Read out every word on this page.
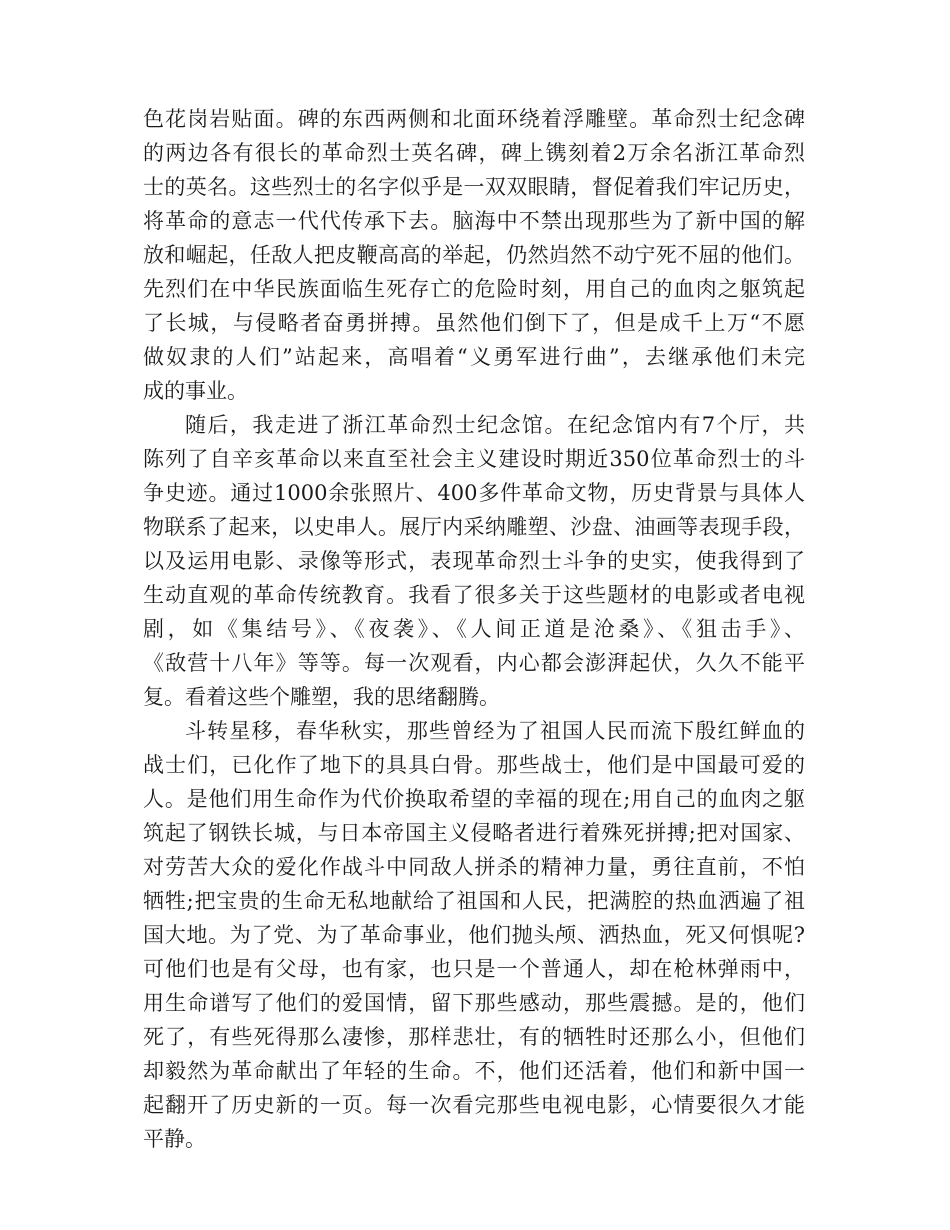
色花岗岩贴面。碑的东西两侧和北面环绕着浮雕壁。革命烈士纪念碑
的两边各有很长的革命烈士英名碑，碑上镌刻着2万余名浙江革命烈
士的英名。这些烈士的名字似乎是一双双眼睛，督促着我们牢记历史，
将革命的意志一代代传承下去。脑海中不禁出现那些为了新中国的解
放和崛起，任敌人把皮鞭高高的举起，仍然岿然不动宁死不屈的他们。
先烈们在中华民族面临生死存亡的危险时刻，用自己的血肉之躯筑起
了长城，与侵略者奋勇拼搏。虽然他们倒下了，但是成千上万“不愿
做奴隶的人们”站起来，高唱着“义勇军进行曲”，去继承他们未完
成的事业。
随后，我走进了浙江革命烈士纪念馆。在纪念馆内有7个厅，共
陈列了自辛亥革命以来直至社会主义建设时期近350位革命烈士的斗
争史迹。通过1000余张照片、400多件革命文物，历史背景与具体人
物联系了起来，以史串人。展厅内采纳雕塑、沙盘、油画等表现手段，
以及运用电影、录像等形式，表现革命烈士斗争的史实，使我得到了
生动直观的革命传统教育。我看了很多关于这些题材的电影或者电视
剧，如《集结号》、《夜袭》、《人间正道是沧桑》、《狙击手》、
《敌营十八年》等等。每一次观看，内心都会澎湃起伏，久久不能平
复。看着这些个雕塑，我的思绪翻腾。
斗转星移，春华秋实，那些曾经为了祖国人民而流下殷红鲜血的
战士们，已化作了地下的具具白骨。那些战士，他们是中国最可爱的
人。是他们用生命作为代价换取希望的幸福的现在;用自己的血肉之躯
筑起了钢铁长城，与日本帝国主义侵略者进行着殊死拼搏;把对国家、
对劳苦大众的爱化作战斗中同敌人拼杀的精神力量，勇往直前，不怕
牺牲;把宝贵的生命无私地献给了祖国和人民，把满腔的热血洒遍了祖
国大地。为了党、为了革命事业，他们抛头颅、洒热血，死又何惧呢?
可他们也是有父母，也有家，也只是一个普通人，却在枪林弹雨中，
用生命谱写了他们的爱国情，留下那些感动，那些震撼。是的，他们
死了，有些死得那么凄惨，那样悲壮，有的牺牲时还那么小，但他们
却毅然为革命献出了年轻的生命。不，他们还活着，他们和新中国一
起翻开了历史新的一页。每一次看完那些电视电影，心情要很久才能
平静。
